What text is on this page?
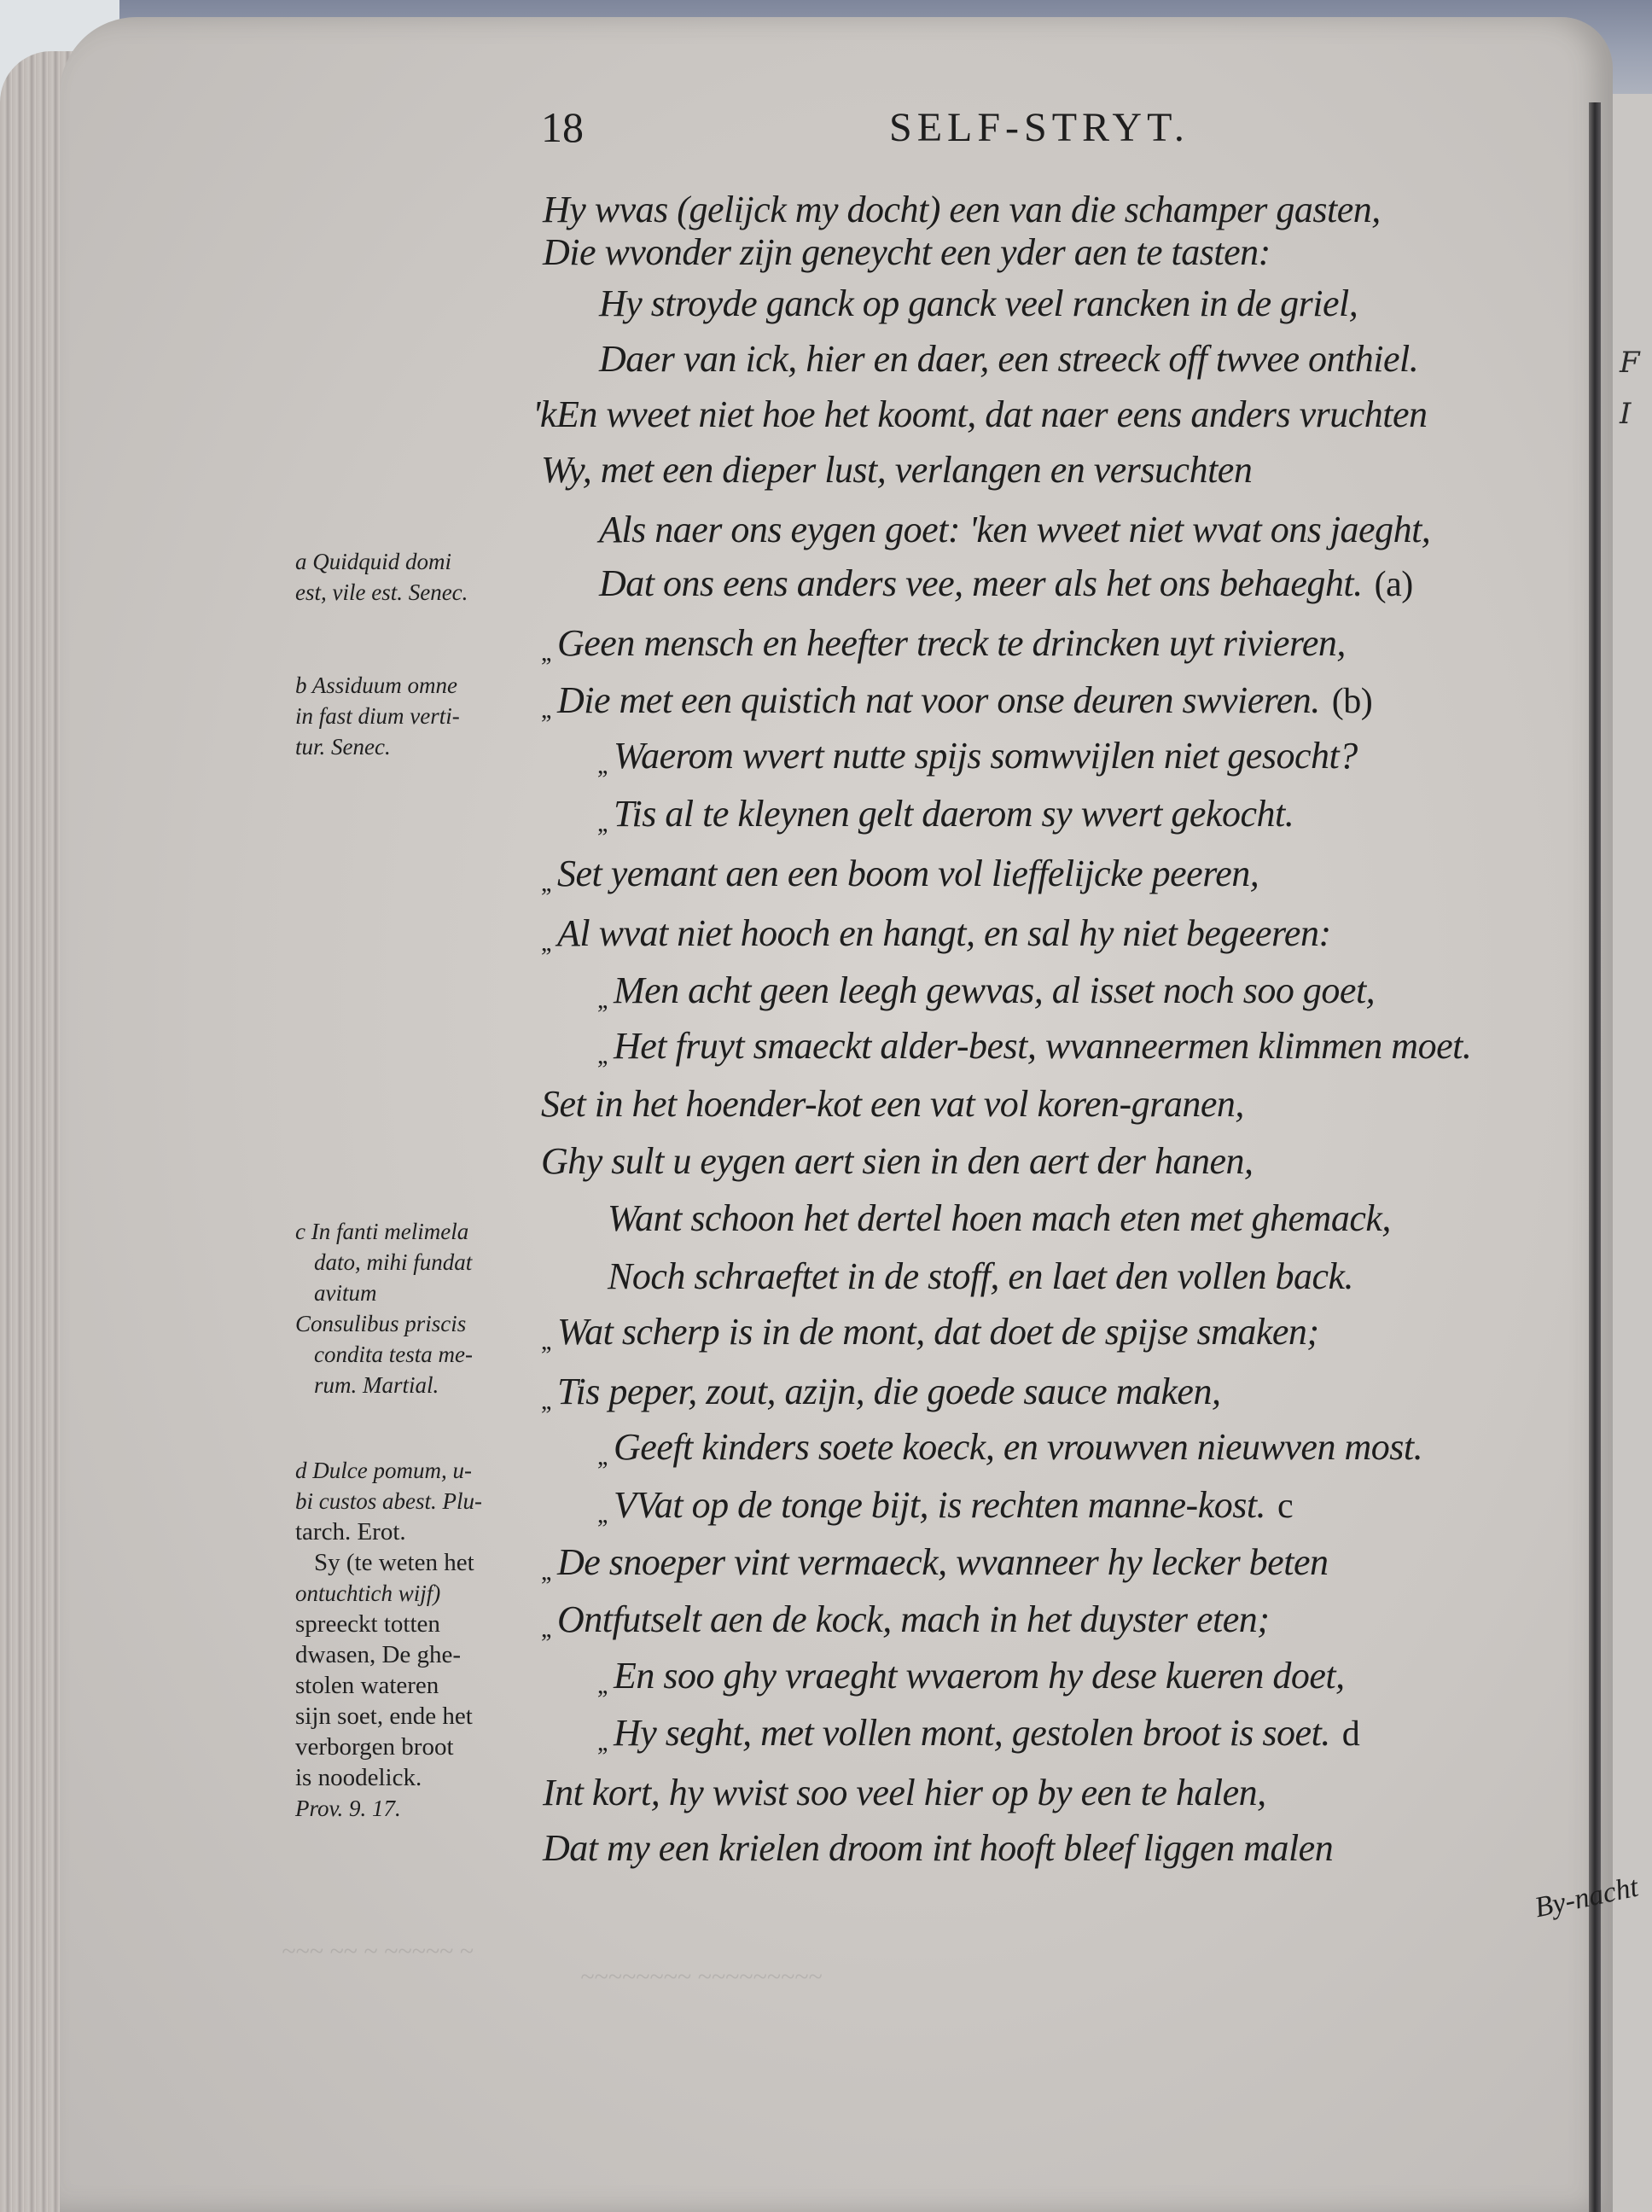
F
I
~~~ ~~ ~ ~~~~~ ~
~~~~~~~~ ~~~~~~~~~
18	SELF-STRYT.
Hy wvas (gelijck my docht) een van die schamper gasten,
Die wvonder zijn geneycht een yder aen te tasten:
Hy stroyde ganck op ganck veel rancken in de griel,
Daer van ick, hier en daer, een streeck off twvee onthiel.
'kEn wveet niet hoe het koomt, dat naer eens anders vruchten
Wy, met een dieper lust, verlangen en versuchten
Als naer ons eygen goet: 'ken wveet niet wvat ons jaeght,
Dat ons eens anders vee, meer als het ons behaeght. (a)
,, Geen mensch en heefter treck te drincken uyt rivieren,
,, Die met een quistich nat voor onse deuren swvieren. (b)
,, Waerom wvert nutte spijs somwvijlen niet gesocht?
,, Tis al te kleynen gelt daerom sy wvert gekocht.
,, Set yemant aen een boom vol lieffelijcke peeren,
,, Al wvat niet hooch en hangt, en sal hy niet begeeren:
,, Men acht geen leegh gewvas, al isset noch soo goet,
,, Het fruyt smaeckt alder-best, wvanneermen klimmen moet.
Set in het hoender-kot een vat vol koren-granen,
Ghy sult u eygen aert sien in den aert der hanen,
Want schoon het dertel hoen mach eten met ghemack,
Noch schraeftet in de stoff, en laet den vollen back.
,, Wat scherp is in de mont, dat doet de spijse smaken;
,, Tis peper, zout, azijn, die goede sauce maken,
,, Geeft kinders soete koeck, en vrouwven nieuwven most.
,, VVat op de tonge bijt, is rechten manne-kost. c
,, De snoeper vint vermaeck, wvanneer hy lecker beten
,, Ontfutselt aen de kock, mach in het duyster eten;
,, En soo ghy vraeght wvaerom hy dese kueren doet,
,, Hy seght, met vollen mont, gestolen broot is soet. d
Int kort, hy wvist soo veel hier op by een te halen,
Dat my een krielen droom int hooft bleef liggen malen
a Quidquid domi
est, vile est. Senec.
b Assiduum omne
in fast dium verti-
tur. Senec.
c In fanti melimela
dato, mihi fundat
avitum
Consulibus priscis
condita testa me-
rum. Martial.
d Dulce pomum, u-
bi custos abest. Plu-
tarch. Erot.
Sy (te weten het
ontuchtich wijf)
spreeckt totten
dwasen, De ghe-
stolen wateren
sijn soet, ende het
verborgen broot
is noodelick.
Prov. 9. 17.
By-nacht
